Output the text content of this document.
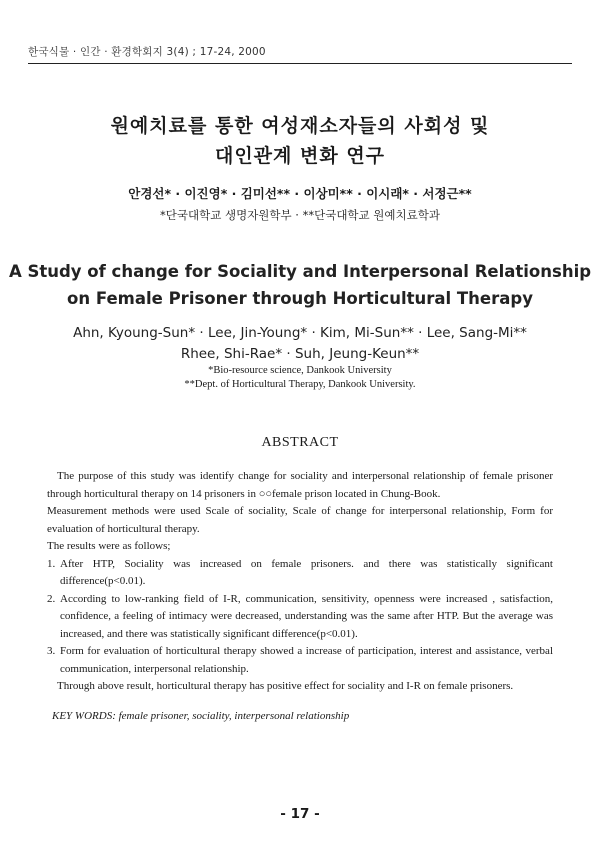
한국식물 · 인간 · 환경학회지 3(4) ; 17-24, 2000
원예치료를 통한 여성재소자들의 사회성 및
대인관계 변화 연구
안경선* · 이진영* · 김미선** · 이상미** · 이시래* · 서정근**
*단국대학교 생명자원학부 · **단국대학교 원예치료학과
A Study of change for Sociality and Interpersonal Relationship
on Female Prisoner through Horticultural Therapy
Ahn, Kyoung-Sun* · Lee, Jin-Young* · Kim, Mi-Sun** · Lee, Sang-Mi**
Rhee, Shi-Rae* · Suh, Jeung-Keun**
*Bio-resource science, Dankook University
**Dept. of Horticultural Therapy, Dankook University.
ABSTRACT

The purpose of this study was identify change for sociality and interpersonal relationship of female prisoner through horticultural therapy on 14 prisoners in ○○female prison located in Chung-Book.

Measurement methods were used Scale of sociality, Scale of change for interpersonal relationship, Form for evaluation of horticultural therapy.

The results were as follows;

1. After HTP, Sociality was increased on female prisoners. and there was statistically significant difference(p<0.01).
2. According to low-ranking field of I-R, communication, sensitivity, openness were increased , satisfaction, confidence, a feeling of intimacy were decreased, understanding was the same after HTP. But the average was increased, and there was statistically significant difference(p<0.01).
3. Form for evaluation of horticultural therapy showed a increase of participation, interest and assistance, verbal communication, interpersonal relationship.

Through above result, horticultural therapy has positive effect for sociality and I-R on female prisoners.

KEY WORDS: female prisoner, sociality, interpersonal relationship
- 17 -
